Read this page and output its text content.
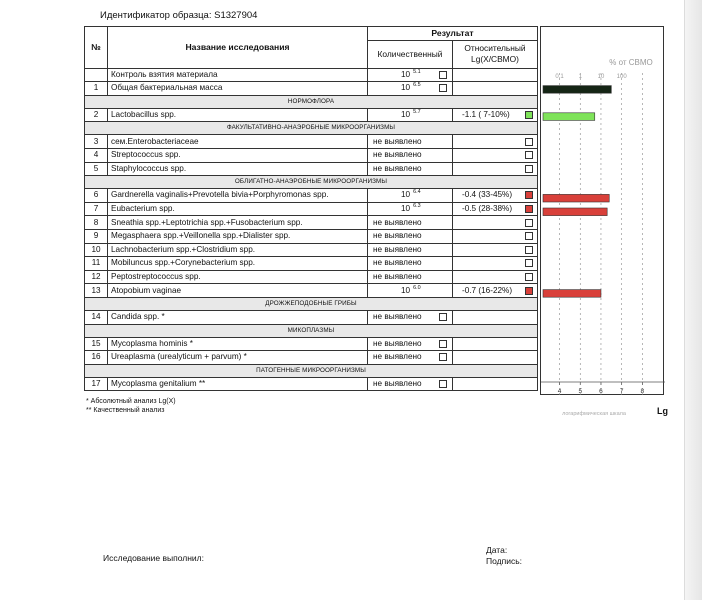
Идентификатор образца: S1327904
№	Название исследования	Результат	
		Количественный	Относительный
Lg(X/СВМО)

	Контроль взятия материала	10 5.1	

1	Общая бактериальная масса	10 6.5	

НОРМОФЛОРА			
2	Lactobacillus spp.	10 5.7	-1.1 ( 7-10%)

ФАКУЛЬТАТИВНО-АНАЭРОБНЫЕ МИКРООРГАНИЗМЫ			
3	сем.Enterobacteriaceae	не выявлено	

4	Streptococcus spp.	не выявлено	

5	Staphylococcus spp.	не выявлено	

ОБЛИГАТНО-АНАЭРОБНЫЕ МИКРООРГАНИЗМЫ			
6	Gardnerella vaginalis+Prevotella bivia+Porphyromonas spp.	10 6.4	-0.4 (33-45%)

7	Eubacterium spp.	10 6.3	-0.5 (28-38%)

8	Sneathia spp.+Leptotrichia spp.+Fusobacterium spp.	не выявлено	

9	Megasphaera spp.+Veillonella spp.+Dialister spp.	не выявлено	

10	Lachnobacterium spp.+Clostridium spp.	не выявлено	

11	Mobiluncus spp.+Corynebacterium spp.	не выявлено	

12	Peptostreptococcus spp.	не выявлено	

13	Atopobium vaginae	10 6.0	-0.7 (16-22%)

ДРОЖЖЕПОДОБНЫЕ ГРИБЫ			
14	Candida spp. *	не выявлено	

МИКОПЛАЗМЫ			
15	Mycoplasma hominis *	не выявлено	

16	Ureaplasma (urealyticum + parvum) *	не выявлено	

ПАТОГЕННЫЕ МИКРООРГАНИЗМЫ			
17	Mycoplasma genitalium **	не выявлено	

% от СВМО
4	5	6	7	8
0.1 1	10 100
* Абсолютный анализ Lg(X)
** Качественный анализ
Исследование выполнил:
Дата:
Подпись:
Lg
логарифмическая шкала
